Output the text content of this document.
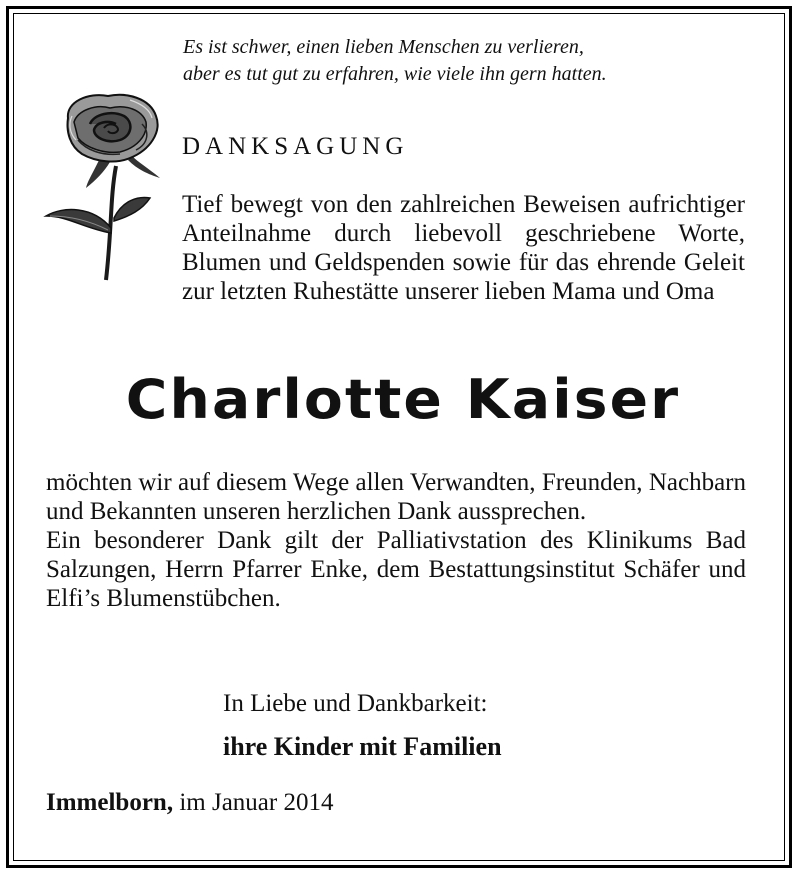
Es ist schwer, einen lieben Menschen zu verlieren,
aber es tut gut zu erfahren, wie viele ihn gern hatten.
DANKSAGUNG
Tief bewegt von den zahlreichen Beweisen aufrichtiger Anteilnahme durch liebevoll geschriebene Worte, Blumen und Geldspenden sowie für das ehrende Geleit zur letzten Ruhestätte unserer lieben Mama und Oma
Charlotte Kaiser

möchten wir auf diesem Wege allen Verwandten, Freunden, Nachbarn und Bekannten unseren herzlichen Dank aussprechen.

Ein besonderer Dank gilt der Palliativstation des Klinikums Bad Salzungen, Herrn Pfarrer Enke, dem Bestattungsinstitut Schäfer und Elfi’s Blumenstübchen.

In Liebe und Dankbarkeit:
ihre Kinder mit Familien
Immelborn, im Januar 2014
